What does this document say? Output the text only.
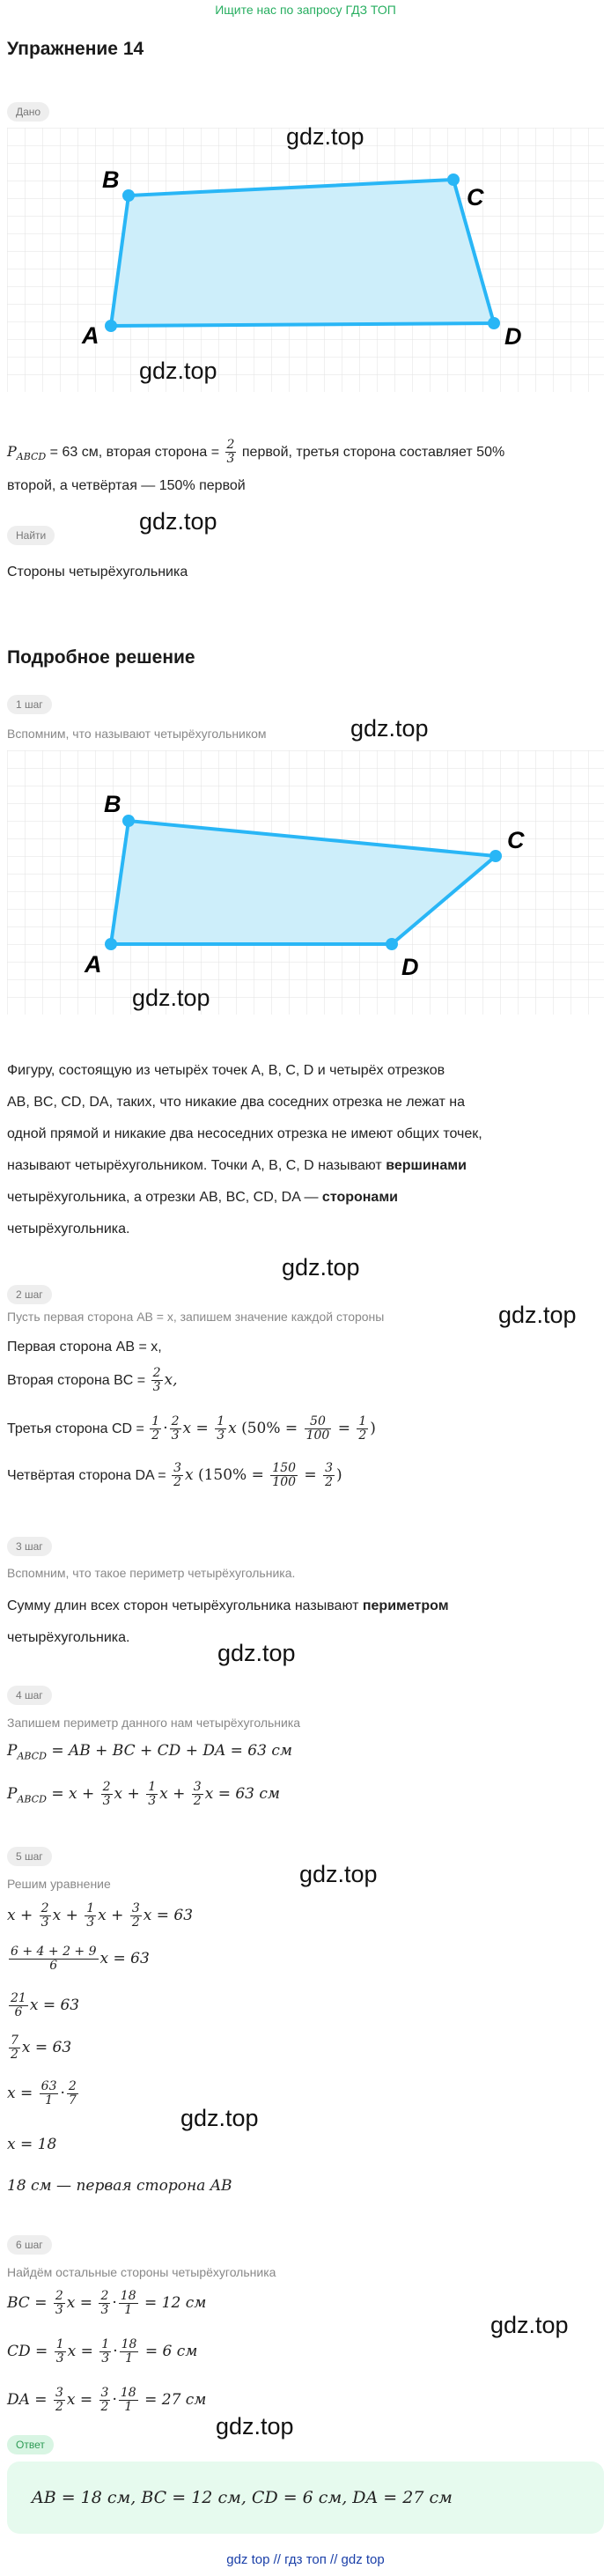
Ищите нас по запросу ГДЗ ТОП
Упражнение 14
Дано
A
B
C
D
gdz.top
gdz.top
$P_{ABCD} = 63$ см, вторая сторона = $\frac{2}{3}$ первой, третья сторона составляет 50%
второй, а четвёртая — 150% первой
gdz.top
Найти
Стороны четырёхугольника
Подробное решение
1 шаг
Вспомним, что называют четырёхугольником	gdz.top
A
B
C
D
gdz.top
Фигуру, состоящую из четырёх точек A, B, C, D и четырёх отрезков
AB, BC, CD, DA, таких, что никакие два соседних отрезка не лежат на
одной прямой и никакие два несоседних отрезка не имеют общих точек,
называют четырёхугольником. Точки A, B, C, D называют вершинами
четырёхугольника, а отрезки AB, BC, CD, DA — сторонами
четырёхугольника.
gdz.top
2 шаг
Пусть первая сторона AB = x, запишем значение каждой стороны	gdz.top
Первая сторона AB = x,
Вторая сторона BC = $\frac{2}{3} x$,
Третья сторона CD = $\frac{1}{2} \cdot \frac{2}{3}$ $x = \frac{1}{3}$ x ($50\% = \frac{50}{100} = \frac{1}{2}$ )
Четвёртая сторона DA = $\frac{3}{2}$ x ($150\% = \frac{150}{100} = \frac{3}{2}$ )
3 шаг
Вспомним, что такое периметр четырёхугольника.
Сумму длин всех сторон четырёхугольника называют периметром
четырёхугольника.
gdz.top
4 шаг
Запишем периметр данного нам четырёхугольника
$P_{ABCD}$ = AB + BC + CD + DA = 63 см
$P_{ABCD} = x + \frac{2}{3}$ $x + \frac{1}{3}$ $x + \frac{3}{2}$ x = 63 см
5 шаг
Решим уравнение	gdz.top
$x + \frac{2}{3}$ $x + \frac{1}{3}$ $x + \frac{3}{2}$ x = 63
$\frac{6 + 4 + 2 + 9}{6}$ x = 63
$\frac{21}{6}$ x = 63
$\frac{7}{2}$ x = 63
$x = \frac{63}{1} \cdot \frac{2}{7}$
gdz.top
x = 18
18 см — первая сторона AB
6 шаг
Найдём остальные стороны четырёхугольника
gdz.top
BC = $\frac{2}{3}$ $x = \frac{2}{3} \cdot \frac{18}{1} = 12$ см
CD = $\frac{1}{3}$ $x = \frac{1}{3} \cdot \frac{18}{1} = 6$ см
DA = $\frac{3}{2}$ $x = \frac{3}{2} \cdot \frac{18}{1} = 27$ см
gdz.top
Ответ
AB = 18 см, BC = 12 см, CD = 6 см, DA = 27 см
gdz top // гдз топ // gdz top
